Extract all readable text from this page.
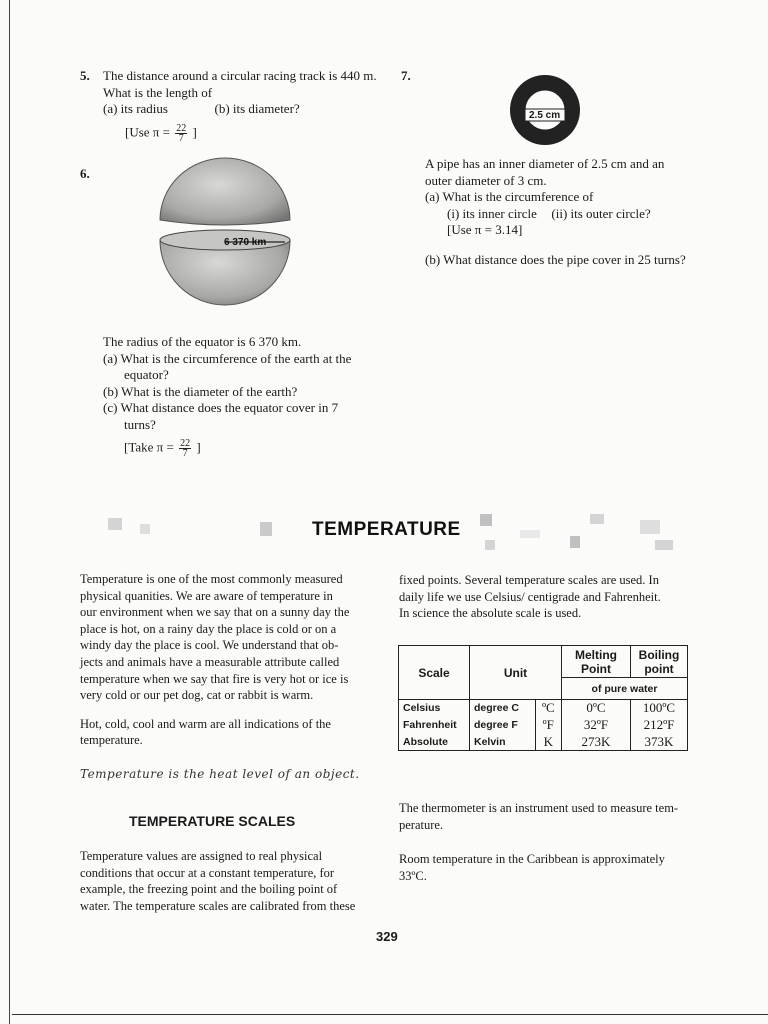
5. The distance around a circular racing track is 440 m.

What is the length of

(a) its radius	(b) its diameter?

[Use $\pi = \frac{22}{7}$ ]

6.
6 370 km

The radius of the equator is 6 370 km.

(a) What is the circumference of the earth at the

equator?

(b) What is the diameter of the earth?

(c) What distance does the equator cover in 7

turns?

[Take $\pi = \frac{22}{7}$ ]

7.
2.5 cm

A pipe has an inner diameter of 2.5 cm and an

outer diameter of 3 cm.

(a) What is the circumference of

(i) its inner circle (ii) its outer circle?

[Use π = 3.14]

(b) What distance does the pipe cover in 25 turns?

TEMPERATURE

Temperature is one of the most commonly measured

physical quanities. We are aware of temperature in

our environment when we say that on a sunny day the

place is hot, on a rainy day the place is cold or on a

windy day the place is cool. We understand that ob-

jects and animals have a measurable attribute called

temperature when we say that fire is very hot or ice is

very cold or our pet dog, cat or rabbit is warm.

Hot, cold, cool and warm are all indications of the

temperature.

Temperature is the heat level of an object.
TEMPERATURE SCALES

Temperature values are assigned to real physical

conditions that occur at a constant temperature, for

example, the freezing point and the boiling point of

water. The temperature scales are calibrated from these

fixed points. Several temperature scales are used. In

daily life we use Celsius/ centigrade and Fahrenheit.

In science the absolute scale is used.

Scale	Unit		Melting Point	Boiling point
			of pure water	
Celsius	degree C	ºC	0ºC	100ºC
Fahrenheit	degree F	ºF	32ºF	212ºF
Absolute	Kelvin	K	273K	373K

The thermometer is an instrument used to measure tem-

perature.

Room temperature in the Caribbean is approximately

33ºC.

329
